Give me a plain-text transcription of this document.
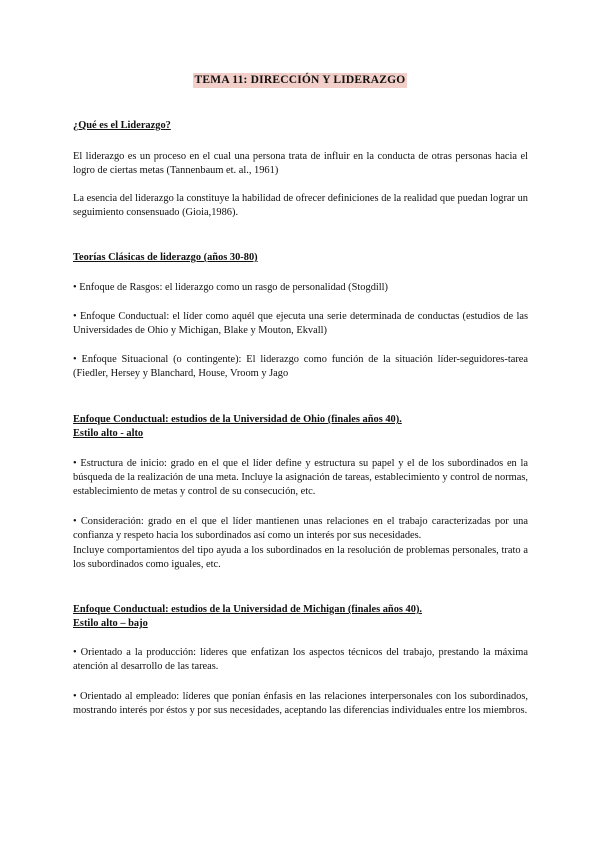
TEMA 11: DIRECCIÓN Y LIDERAZGO

¿Qué es el Liderazgo?

El liderazgo es un proceso en el cual una persona trata de influir en la conducta de otras personas hacia el logro de ciertas metas (Tannenbaum et. al., 1961)

La esencia del liderazgo la constituye la habilidad de ofrecer definiciones de la realidad que puedan lograr un seguimiento consensuado (Gioia,1986).

Teorías Clásicas de liderazgo (años 30-80)

• Enfoque de Rasgos: el liderazgo como un rasgo de personalidad (Stogdill)

• Enfoque Conductual: el líder como aquél que ejecuta una serie determinada de conductas (estudios de las Universidades de Ohio y Michigan, Blake y Mouton, Ekvall)

• Enfoque Situacional (o contingente): El liderazgo como función de la situación líder-seguidores-tarea (Fiedler, Hersey y Blanchard, House, Vroom y Jago

Enfoque Conductual: estudios de la Universidad de Ohio (finales años 40).

Estilo alto - alto

• Estructura de inicio: grado en el que el líder define y estructura su papel y el de los subordinados en la búsqueda de la realización de una meta. Incluye la asignación de tareas, establecimiento y control de normas, establecimiento de metas y control de su consecución, etc.

• Consideración: grado en el que el líder mantienen unas relaciones en el trabajo caracterizadas por una confianza y respeto hacia los subordinados así como un interés por sus necesidades.

Incluye comportamientos del tipo ayuda a los subordinados en la resolución de problemas personales, trato a los subordinados como iguales, etc.

Enfoque Conductual: estudios de la Universidad de Michigan (finales años 40).

Estilo alto – bajo

• Orientado a la producción: líderes que enfatizan los aspectos técnicos del trabajo, prestando la máxima atención al desarrollo de las tareas.

• Orientado al empleado: líderes que ponían énfasis en las relaciones interpersonales con los subordinados, mostrando interés por éstos y por sus necesidades, aceptando las diferencias individuales entre los miembros.
